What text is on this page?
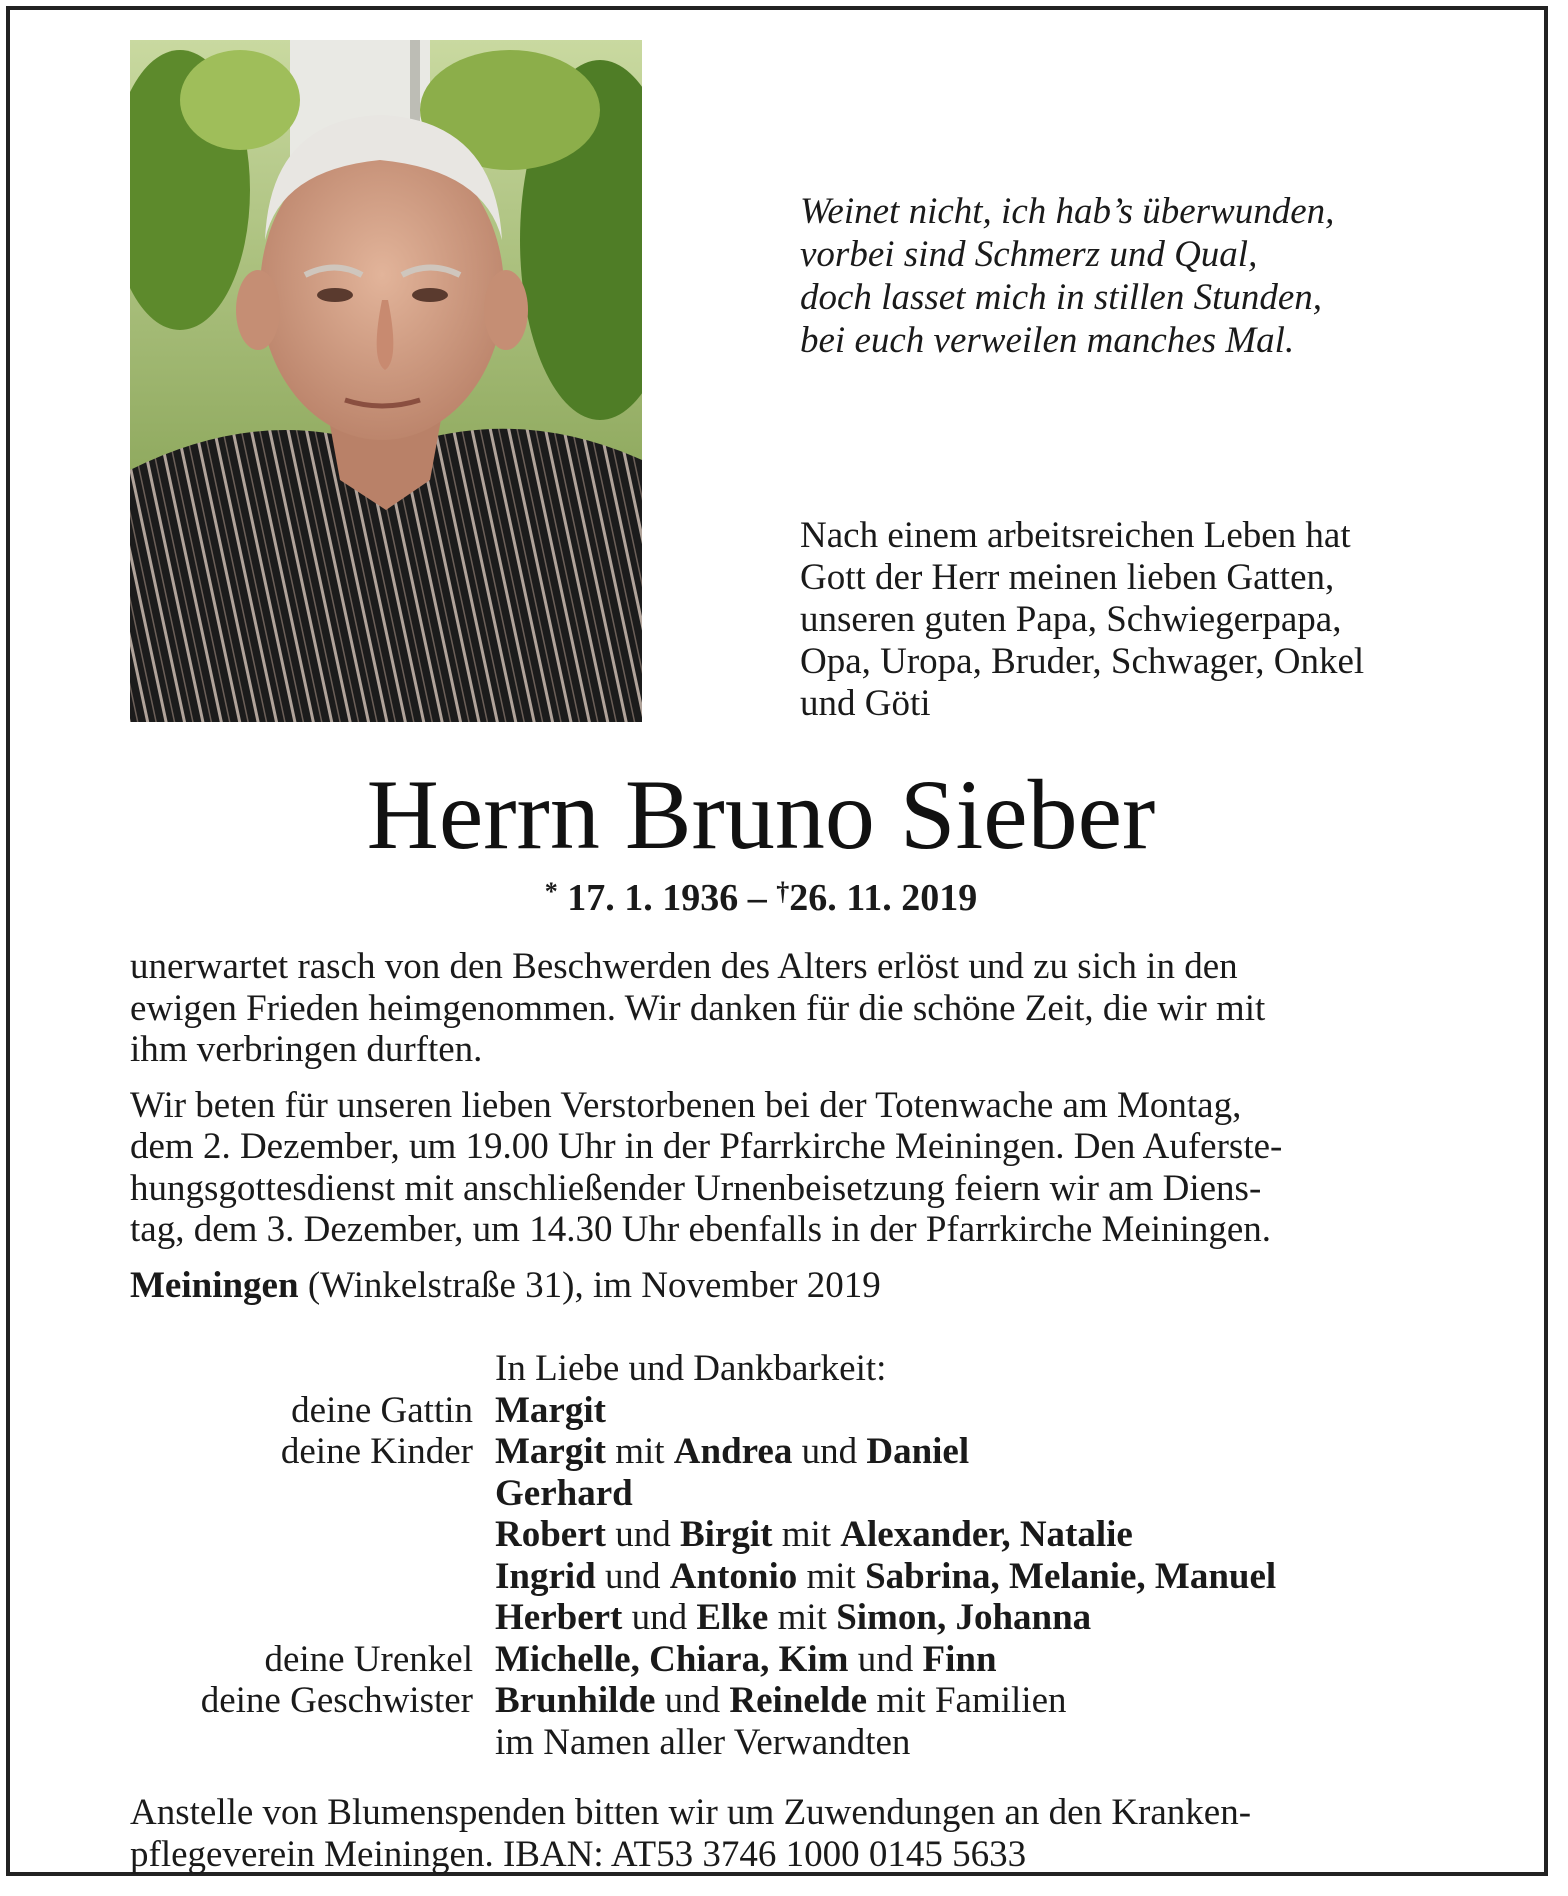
Weinet nicht, ich hab’s überwunden,
vorbei sind Schmerz und Qual,
doch lasset mich in stillen Stunden,
bei euch verweilen manches Mal.
Nach einem arbeitsreichen Leben hat
Gott der Herr meinen lieben Gatten,
unseren guten Papa, Schwiegerpapa,
Opa, Uropa, Bruder, Schwager, Onkel
und Göti
Herrn Bruno Sieber
* 17. 1. 1936 – †26. 11. 2019
unerwartet rasch von den Beschwerden des Alters erlöst und zu sich in den
ewigen Frieden heimgenommen. Wir danken für die schöne Zeit, die wir mit
ihm verbringen durften.
Wir beten für unseren lieben Verstorbenen bei der Totenwache am Montag,
dem 2. Dezember, um 19.00 Uhr in der Pfarrkirche Meiningen. Den Auferste-
hungsgottesdienst mit anschließender Urnenbeisetzung feiern wir am Diens-
tag, dem 3. Dezember, um 14.30 Uhr ebenfalls in der Pfarrkirche Meiningen.
Meiningen (Winkelstraße 31), im November 2019
In Liebe und Dankbarkeit:
deine Gattin Margit
deine Kinder Margit mit Andrea und Daniel
Gerhard
Robert und Birgit mit Alexander, Natalie
Ingrid und Antonio mit Sabrina, Melanie, Manuel
Herbert und Elke mit Simon, Johanna
deine Urenkel Michelle, Chiara, Kim und Finn
deine Geschwister Brunhilde und Reinelde mit Familien
im Namen aller Verwandten
Anstelle von Blumenspenden bitten wir um Zuwendungen an den Kranken-
pflegeverein Meiningen. IBAN: AT53 3746 1000 0145 5633
